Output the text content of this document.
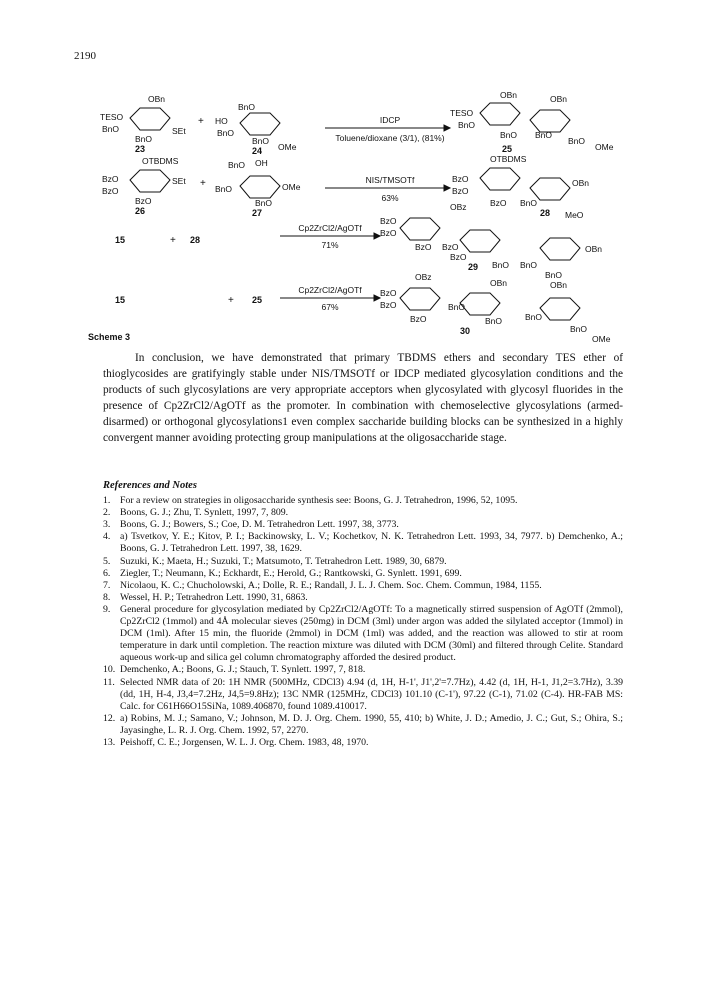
2190
IDCP
Toluene/dioxane (3/1), (81%)
NIS/TMSOTf
63%
Cp2ZrCl2/AgOTf
71%
Cp2ZrCl2/AgOTf
67%
OBn
TESO
BnO	SEt
BnO
BnO
HO
BnO
BnO
OMe
OBn	OBn
TESO
BnO
BnO BnO
BnO
OMe
OTBDMS
BzO
BzO
SEt
BzO
BnO OH
BnO	OMe
BnO
OTBDMS
BzO
BzO
OBn
BzO BnO
OBz
MeO
BzO
BzO
BzO BzO
BzO
OBn
BnO BnO
BnO
OBn
OBz
OBn
BzO
BzO	BnO
BzO	BnO	BnO
BnO
OMe
23	24	25
26	27	28
29
30
15
15
28
25
+
+
+
+
Scheme 3

In conclusion, we have demonstrated that primary TBDMS ethers and secondary TES ether of thioglycosides are gratifyingly stable under NIS/TMSOTf or IDCP mediated glycosylation conditions and the products of such glycosylations are very appropriate acceptors when glycosylated with glycosyl fluorides in the presence of Cp2ZrCl2/AgOTf as the promoter. In combination with chemoselective glycosylations (armed-disarmed) or orthogonal glycosylations1 even complex saccharide building blocks can be synthesized in a highly convergent manner avoiding protecting group manipulations at the oligosaccharide stage.

References and Notes
1. For a review on strategies in oligosaccharide synthesis see: Boons, G. J. Tetrahedron, 1996, 52, 1095.
2. Boons, G. J.; Zhu, T. Synlett, 1997, 7, 809.
3. Boons, G. J.; Bowers, S.; Coe, D. M. Tetrahedron Lett. 1997, 38, 3773.
4. a) Tsvetkov, Y. E.; Kitov, P. I.; Backinowsky, L. V.; Kochetkov, N. K. Tetrahedron Lett. 1993, 34, 7977. b) Demchenko, A.; Boons, G. J. Tetrahedron Lett. 1997, 38, 1629.
5. Suzuki, K.; Maeta, H.; Suzuki, T.; Matsumoto, T. Tetrahedron Lett. 1989, 30, 6879.
6. Ziegler, T.; Neumann, K.; Eckhardt, E.; Herold, G.; Rantkowski, G. Synlett. 1991, 699.
7. Nicolaou, K. C.; Chucholowski, A.; Dolle, R. E.; Randall, J. L. J. Chem. Soc. Chem. Commun, 1984, 1155.
8. Wessel, H. P.; Tetrahedron Lett. 1990, 31, 6863.
9. General procedure for glycosylation mediated by Cp2ZrCl2/AgOTf: To a magnetically stirred suspension of AgOTf (2mmol), Cp2ZrCl2 (1mmol) and 4Å molecular sieves (250mg) in DCM (3ml) under argon was added the silylated acceptor (1mmol) in DCM (1ml). After 15 min, the fluoride (2mmol) in DCM (1ml) was added, and the reaction was allowed to stir at room temperature in dark until completion. The reaction mixture was diluted with DCM (30ml) and filtered through Celite. Standard aqueous work-up and silica gel column chromatography afforded the desired product.
10. Demchenko, A.; Boons, G. J.; Stauch, T. Synlett. 1997, 7, 818.
11. Selected NMR data of 20: 1H NMR (500MHz, CDCl3) 4.94 (d, 1H, H-1', J1',2'=7.7Hz), 4.42 (d, 1H, H-1, J1,2=3.7Hz), 3.39 (dd, 1H, H-4, J3,4=7.2Hz, J4,5=9.8Hz); 13C NMR (125MHz, CDCl3) 101.10 (C-1'), 97.22 (C-1), 71.02 (C-4). HR-FAB MS: Calc. for C61H66O15SiNa, 1089.406870, found 1089.410017.
12. a) Robins, M. J.; Samano, V.; Johnson, M. D. J. Org. Chem. 1990, 55, 410; b) White, J. D.; Amedio, J. C.; Gut, S.; Ohira, S.; Jayasinghe, L. R. J. Org. Chem. 1992, 57, 2270.
13. Peishoff, C. E.; Jorgensen, W. L. J. Org. Chem. 1983, 48, 1970.
